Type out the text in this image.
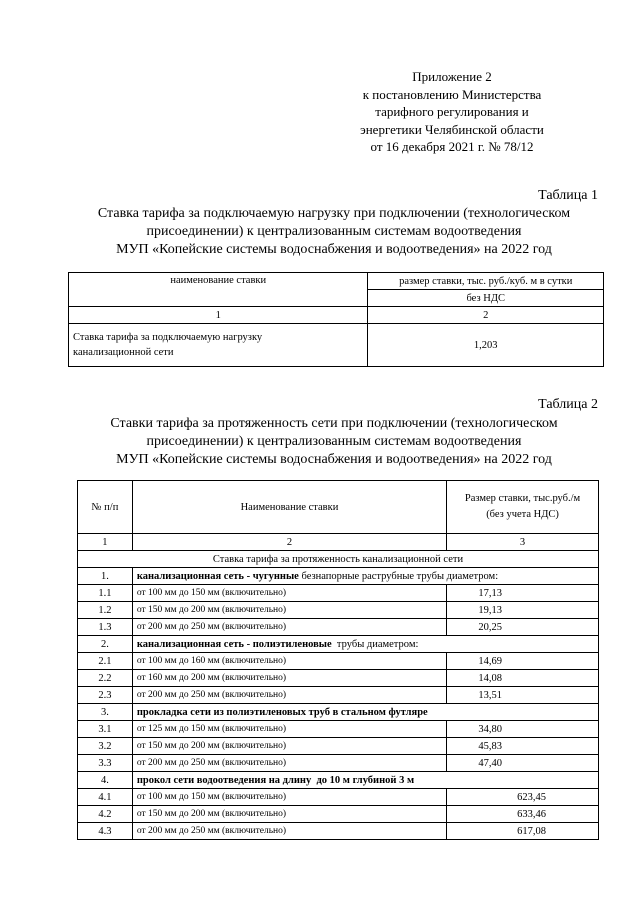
Приложение 2
к постановлению Министерства
тарифного регулирования и
энергетики Челябинской области
от 16 декабря 2021 г. № 78/12
Таблица 1
Ставка тарифа за подключаемую нагрузку при подключении (технологическом
присоединении) к централизованным системам водоотведения
МУП «Копейские системы водоснабжения и водоотведения» на 2022 год
наименование ставки	размер ставки, тыс. руб./куб. м в сутки
	без НДС
1	2

Ставка тарифа за подключаемую нагрузку
канализационной сети	1,203
Таблица 2
Ставки тарифа за протяженность сети при подключении (технологическом
присоединении) к централизованным системам водоотведения
МУП «Копейские системы водоснабжения и водоотведения» на 2022 год
№ п/п	Наименование ставки	Размер ставки, тыс.руб./м
(без учета НДС)

1	2	3
Ставка тарифа за протяженность канализационной сети		
1.	канализационная сеть - чугунные безнапорные раструбные трубы диаметром:	
1.1	от 100 мм до 150 мм (включительно)	17,13
1.2	от 150 мм до 200 мм (включительно)	19,13
1.3	от 200 мм до 250 мм (включительно)	20,25
2.	канализационная сеть - полиэтиленовые  трубы диаметром:	
2.1	от 100 мм до 160 мм (включительно)	14,69
2.2	от 160 мм до 200 мм (включительно)	14,08
2.3	от 200 мм до 250 мм (включительно)	13,51
3.	прокладка сети из полиэтиленовых труб в стальном футляре	
3.1	от 125 мм до 150 мм (включительно)	34,80
3.2	от 150 мм до 200 мм (включительно)	45,83
3.3	от 200 мм до 250 мм (включительно)	47,40
4.	прокол сети водоотведения на длину  до 10 м глубиной 3 м	
4.1	от 100 мм до 150 мм (включительно)	623,45
4.2	от 150 мм до 200 мм (включительно)	633,46
4.3	от 200 мм до 250 мм (включительно)	617,08
